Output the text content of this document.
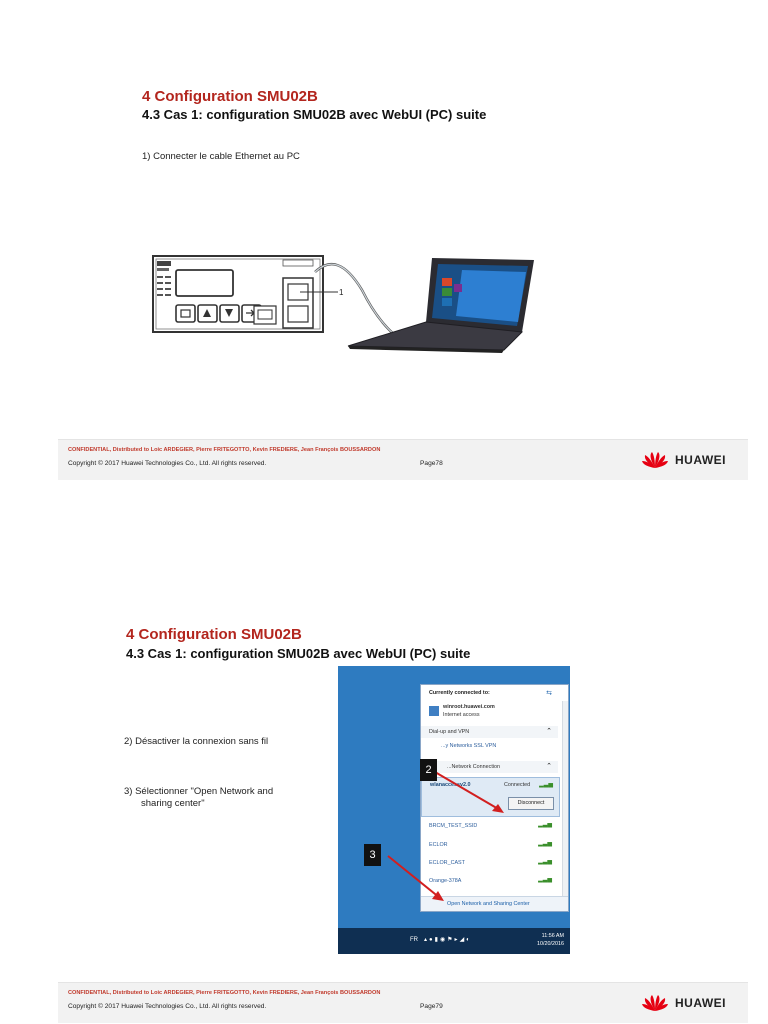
4 Configuration SMU02B
4.3 Cas 1: configuration SMU02B avec WebUI (PC) suite
1) Connecter le cable Ethernet au PC
1
CONFIDENTIAL, Distributed to Loic ARDEGIER, Pierre FRITEGOTTO, Kevin FREDIERE, Jean François BOUSSARDON
Copyright © 2017 Huawei Technologies Co., Ltd. All rights reserved.	Page78	HUAWEI
4 Configuration SMU02B
4.3 Cas 1: configuration SMU02B avec WebUI (PC) suite
2) Désactiver la connexion sans fil
3) Sélectionner "Open Network and
sharing center"
Currently connected to:	⇆
winroot.huawei.com
Internet access
Dial-up and VPN	⌃
...y Networks SSL VPN
...Network Connection	⌃
wlanaccessv2.0	Connected ▂▃▅
Disconnect
BRCM_TEST_SSID	▂▃▅
ECLOR	▂▃▅
ECLOR_CAST	▂▃▅
Orange-378A	▂▃▅
Open Network and Sharing Center
2
3
FR ▴●▮◉⚑▸◢◐
11:56 AM
10/20/2016
CONFIDENTIAL, Distributed to Loic ARDEGIER, Pierre FRITEGOTTO, Kevin FREDIERE, Jean François BOUSSARDON
Copyright © 2017 Huawei Technologies Co., Ltd. All rights reserved.	Page79	HUAWEI
